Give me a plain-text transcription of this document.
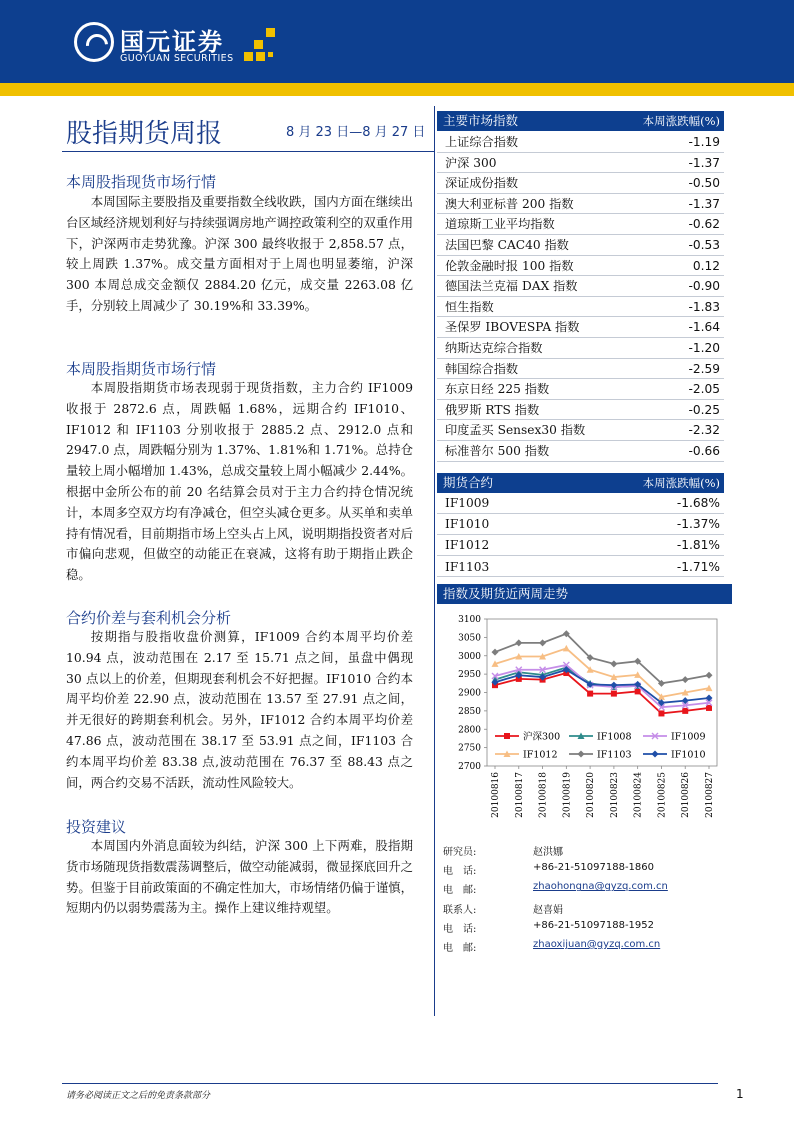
国元证券
GUOYUAN SECURITIES
股指期货周报	8 月 23 日—8 月 27 日
本周股指现货市场行情

本周国际主要股指及重要指数全线收跌，国内方面在继续出台区域经济规划利好与持续强调房地产调控政策利空的双重作用下，沪深两市走势犹豫。沪深 300 最终收报于 2,858.57 点，较上周跌 1.37%。成交量方面相对于上周也明显萎缩，沪深 300 本周总成交金额仅 2884.20 亿元，成交量 2263.08 亿手，分别较上周减少了 30.19%和 33.39%。

本周股指期货市场行情

本周股指期货市场表现弱于现货指数，主力合约 IF1009 收报于 2872.6 点，周跌幅 1.68%，远期合约 IF1010、IF1012 和 IF1103 分别收报于 2885.2 点、2912.0 点和 2947.0 点，周跌幅分别为 1.37%、1.81%和 1.71%。总持仓量较上周小幅增加 1.43%，总成交量较上周小幅减少 2.44%。根据中金所公布的前 20 名结算会员对于主力合约持仓情况统计，本周多空双方均有净减仓，但空头减仓更多。从买单和卖单持有情况看，目前期指市场上空头占上风，说明期指投资者对后市偏向悲观，但做空的动能正在衰减，这将有助于期指止跌企稳。

合约价差与套利机会分析

按期指与股指收盘价测算，IF1009 合约本周平均价差 10.94 点，波动范围在 2.17 至 15.71 点之间，虽盘中偶现 30 点以上的价差，但期现套利机会不好把握。IF1010 合约本周平均价差 22.90 点，波动范围在 13.57 至 27.91 点之间，并无很好的跨期套利机会。另外，IF1012 合约本周平均价差 47.86 点，波动范围在 38.17 至 53.91 点之间，IF1103 合约本周平均价差 83.38 点,波动范围在 76.37 至 88.43 点之间，两合约交易不活跃，流动性风险较大。

投资建议

本周国内外消息面较为纠结，沪深 300 上下两难，股指期货市场随现货指数震荡调整后，做空动能减弱，微显探底回升之势。但鉴于目前政策面的不确定性加大，市场情绪仍偏于谨慎，短期内仍以弱势震荡为主。操作上建议维持观望。

主要市场指数	本周涨跌幅(%)
上证综合指数	-1.19
沪深 300	-1.37
深证成份指数	-0.50
澳大利亚标普 200 指数	-1.37
道琼斯工业平均指数	-0.62
法国巴黎 CAC40 指数	-0.53
伦敦金融时报 100 指数	0.12
德国法兰克福 DAX 指数	-0.90
恒生指数	-1.83
圣保罗 IBOVESPA 指数	-1.64
纳斯达克综合指数	-1.20
韩国综合指数	-2.59
东京日经 225 指数	-2.05
俄罗斯 RTS 指数	-0.25
印度孟买 Sensex30 指数	-2.32
标准普尔 500 指数	-0.66
期货合约	本周涨跌幅(%)
IF1009	-1.68%
IF1010	-1.37%
IF1012	-1.81%
IF1103	-1.71%
指数及期货近两周走势
2700
2750
2800
2850
2900
2950
3000
3050
3100
20100816 20100817 20100818 20100819 20100820 20100823 20100824 20100825 20100826 20100827
沪深300	IF1008	IF1009
IF1012	IF1103	IF1010
研究员:	赵洪娜
电　话:	+86-21-51097188-1860
电　邮:	zhaohongna@gyzq.com.cn
联系人:	赵喜娟
电　话:	+86-21-51097188-1952
电　邮:	zhaoxijuan@gyzq.com.cn
请务必阅读正文之后的免责条款部分	1
